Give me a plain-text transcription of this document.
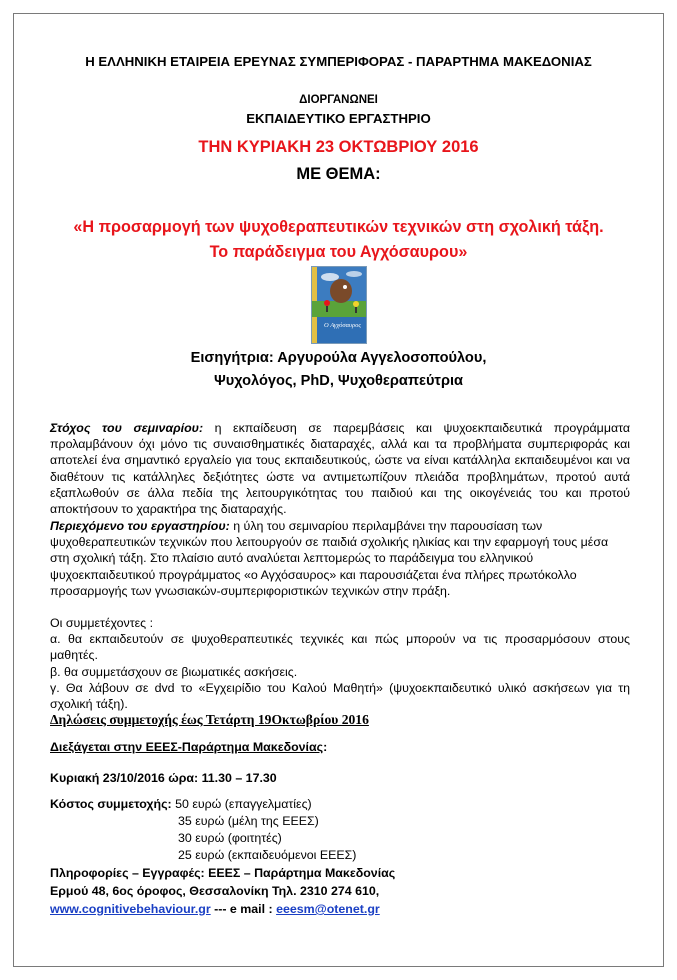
Η ΕΛΛΗΝΙΚΗ ΕΤΑΙΡΕΙΑ ΕΡΕΥΝΑΣ ΣΥΜΠΕΡΙΦΟΡΑΣ - ΠΑΡΑΡΤΗΜΑ ΜΑΚΕΔΟΝΙΑΣ
ΔΙΟΡΓΑΝΩΝΕΙ
ΕΚΠΑΙΔΕΥΤΙΚΟ ΕΡΓΑΣΤΗΡΙΟ
ΤΗΝ ΚΥΡΙΑΚΗ 23 ΟΚΤΩΒΡΙΟΥ 2016
ΜΕ ΘΕΜΑ:
«Η προσαρμογή των ψυχοθεραπευτικών τεχνικών στη σχολική τάξη.
Το παράδειγμα του Αγχόσαυρου»
Ο Αγχόσαυρος
Εισηγήτρια: Αργυρούλα Αγγελοσοπούλου,
Ψυχολόγος, PhD, Ψυχοθεραπεύτρια
Στόχος του σεμιναρίου: η εκπαίδευση σε παρεμβάσεις και ψυχοεκπαιδευτικά προγράμματα προλαμβάνουν όχι μόνο τις συναισθηματικές διαταραχές, αλλά και τα προβλήματα συμπεριφοράς και αποτελεί ένα σημαντικό εργαλείο για τους εκπαιδευτικούς, ώστε να είναι κατάλληλα εκπαιδευμένοι και να διαθέτουν τις κατάλληλες δεξιότητες ώστε να αντιμετωπίζουν πλειάδα προβλημάτων, προτού αυτά εξαπλωθούν σε άλλα πεδία της λειτουργικότητας του παιδιού και της οικογένειάς του και προτού αποκτήσουν το χαρακτήρα της διαταραχής.
Περιεχόμενο του εργαστηρίου: η ύλη του σεμιναρίου περιλαμβάνει την παρουσίαση των ψυχοθεραπευτικών τεχνικών που λειτουργούν σε παιδιά σχολικής ηλικίας και την εφαρμογή τους μέσα στη σχολική τάξη. Στο πλαίσιο αυτό αναλύεται λεπτομερώς το παράδειγμα του ελληνικού ψυχοεκπαιδευτικού προγράμματος «ο Αγχόσαυρος» και παρουσιάζεται ένα πλήρες πρωτόκολλο προσαρμογής των γνωσιακών-συμπεριφοριστικών τεχνικών στην πράξη.
Οι συμμετέχοντες :
α. θα εκπαιδευτούν σε ψυχοθεραπευτικές τεχνικές και πώς μπορούν να τις προσαρμόσουν στους μαθητές.
β. θα συμμετάσχουν σε βιωματικές ασκήσεις.
γ. Θα λάβουν σε dvd το «Εγχειρίδιο του Καλού Μαθητή» (ψυχοεκπαιδευτικό υλικό ασκήσεων για τη σχολική τάξη).
Δηλώσεις συμμετοχής έως Τετάρτη 19Οκτωβρίου 2016
Διεξάγεται στην ΕΕΕΣ-Παράρτημα Μακεδονίας:
Κυριακή 23/10/2016 ώρα: 11.30 – 17.30
Κόστος συμμετοχής: 50 ευρώ (επαγγελματίες)
35 ευρώ (μέλη της ΕΕΕΣ)
30 ευρώ (φοιτητές)
25 ευρώ (εκπαιδευόμενοι ΕΕΕΣ)
Πληροφορίες – Εγγραφές: ΕΕΕΣ – Παράρτημα Μακεδονίας
Ερμού 48, 6ος όροφος, Θεσσαλονίκη Τηλ. 2310 274 610,
www.cognitivebehaviour.gr --- e mail : eeesm@otenet.gr
